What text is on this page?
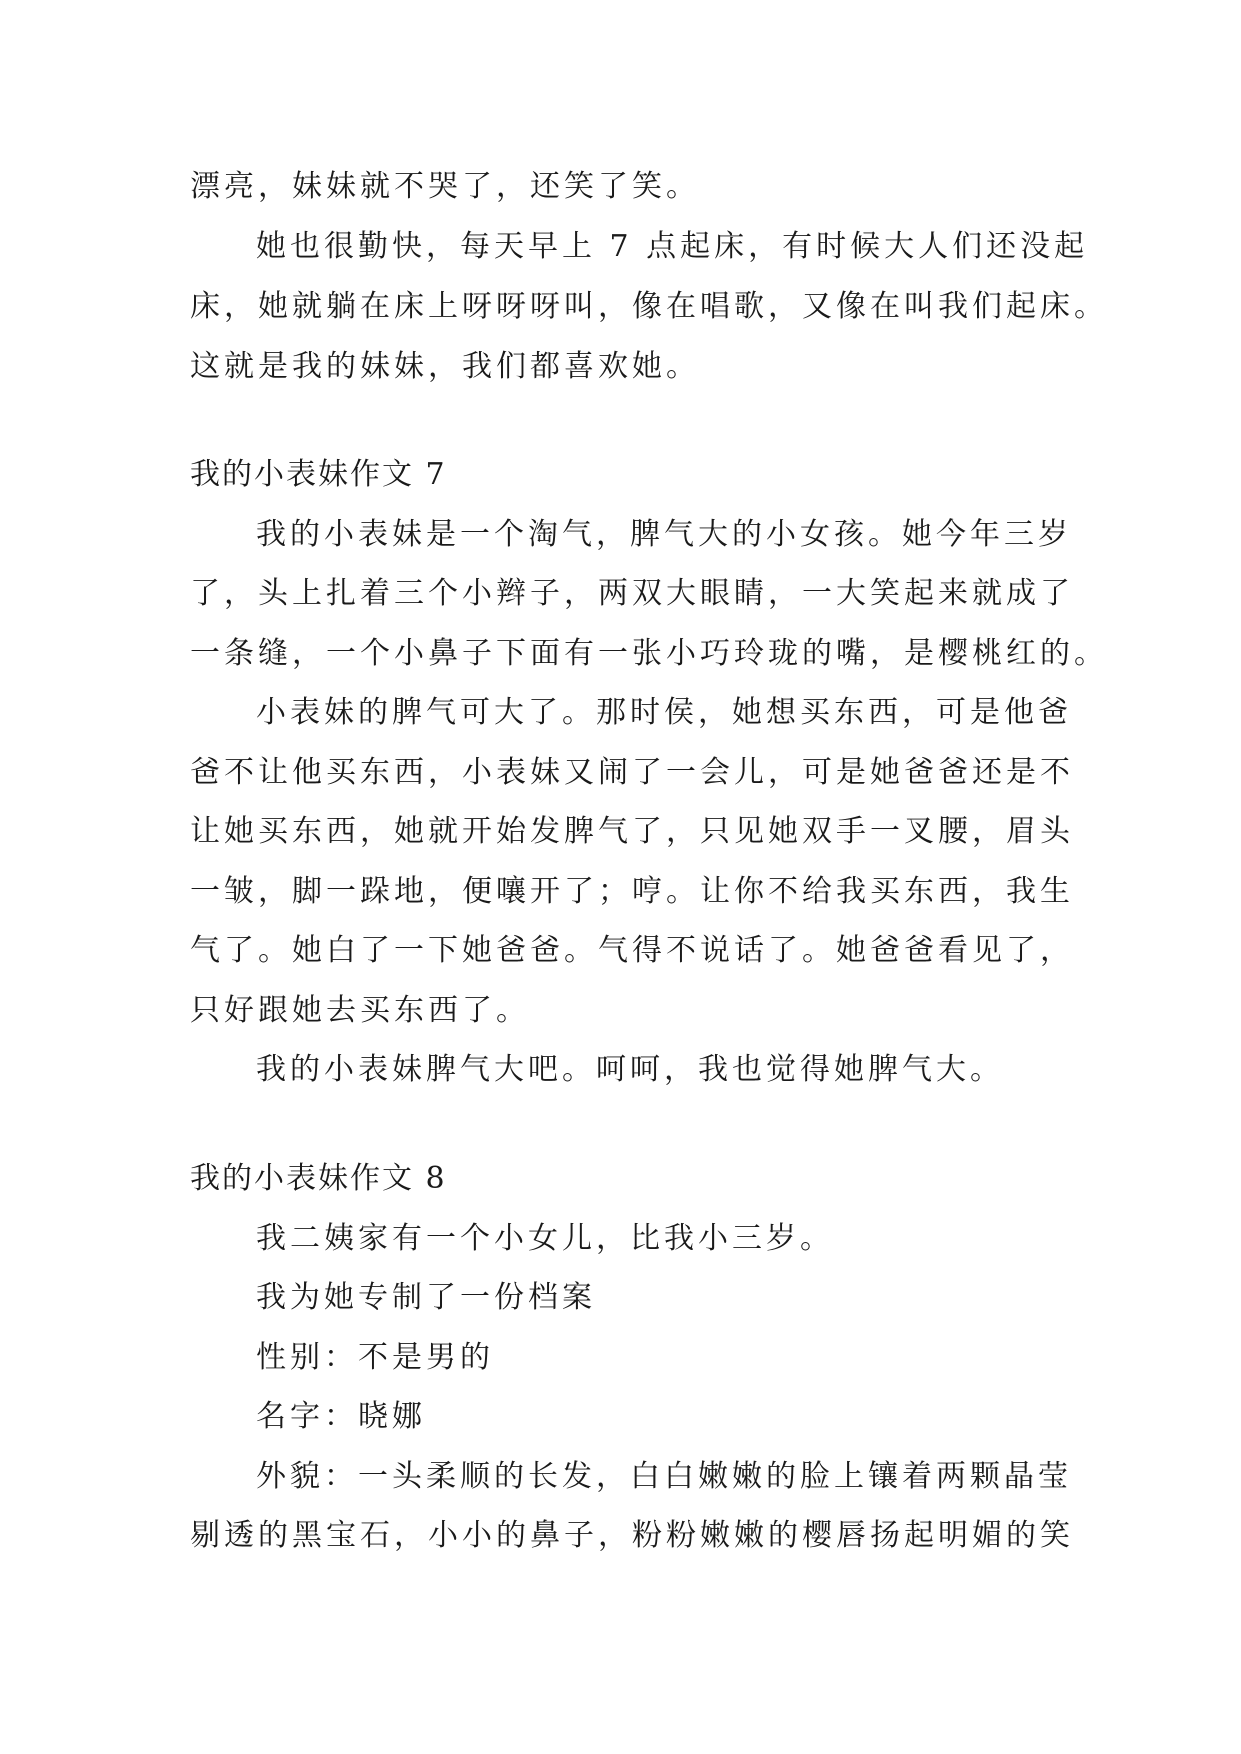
漂亮，妹妹就不哭了，还笑了笑。
她也很勤快，每天早上 7 点起床，有时候大人们还没起
床，她就躺在床上呀呀呀叫，像在唱歌，又像在叫我们起床。
这就是我的妹妹，我们都喜欢她。
我的小表妹作文 7
我的小表妹是一个淘气，脾气大的小女孩。她今年三岁
了，头上扎着三个小辫子，两双大眼睛，一大笑起来就成了
一条缝，一个小鼻子下面有一张小巧玲珑的嘴，是樱桃红的。
小表妹的脾气可大了。那时侯，她想买东西，可是他爸
爸不让他买东西，小表妹又闹了一会儿，可是她爸爸还是不
让她买东西，她就开始发脾气了，只见她双手一叉腰，眉头
一皱，脚一跺地，便嚷开了；哼。让你不给我买东西，我生
气了。她白了一下她爸爸。气得不说话了。她爸爸看见了，
只好跟她去买东西了。
我的小表妹脾气大吧。呵呵，我也觉得她脾气大。
我的小表妹作文 8
我二姨家有一个小女儿，比我小三岁。
我为她专制了一份档案
性别：不是男的
名字：晓娜
外貌：一头柔顺的长发，白白嫩嫩的脸上镶着两颗晶莹
剔透的黑宝石，小小的鼻子，粉粉嫩嫩的樱唇扬起明媚的笑
